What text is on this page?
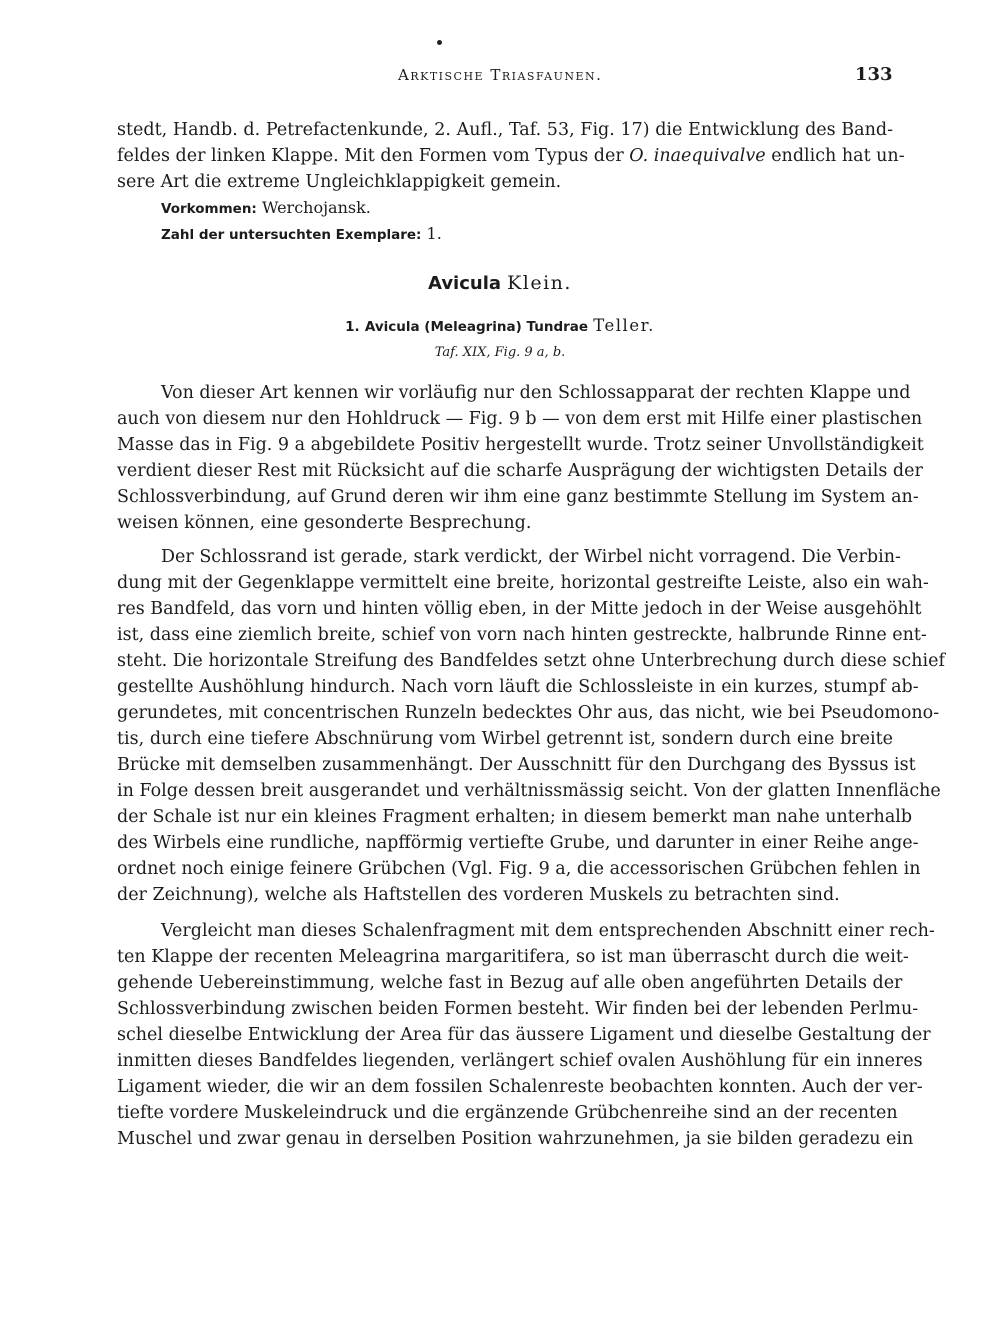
Arktische Triasfaunen.	133
stedt, Handb. d. Petrefactenkunde, 2. Aufl., Taf. 53, Fig. 17) die Entwicklung des Band-
feldes der linken Klappe. Mit den Formen vom Typus der O. inaequivalve endlich hat un-
sere Art die extreme Ungleichklappigkeit gemein.
Vorkommen: Werchojansk.
Zahl der untersuchten Exemplare: 1.
Avicula Klein.
1. Avicula (Meleagrina) Tundrae Teller.
Taf. XIX, Fig. 9 a, b.
Von dieser Art kennen wir vorläufig nur den Schlossapparat der rechten Klappe und
auch von diesem nur den Hohldruck — Fig. 9 b — von dem erst mit Hilfe einer plastischen
Masse das in Fig. 9 a abgebildete Positiv hergestellt wurde. Trotz seiner Unvollständigkeit
verdient dieser Rest mit Rücksicht auf die scharfe Ausprägung der wichtigsten Details der
Schlossverbindung, auf Grund deren wir ihm eine ganz bestimmte Stellung im System an-
weisen können, eine gesonderte Besprechung.
Der Schlossrand ist gerade, stark verdickt, der Wirbel nicht vorragend. Die Verbin-
dung mit der Gegenklappe vermittelt eine breite, horizontal gestreifte Leiste, also ein wah-
res Bandfeld, das vorn und hinten völlig eben, in der Mitte jedoch in der Weise ausgehöhlt
ist, dass eine ziemlich breite, schief von vorn nach hinten gestreckte, halbrunde Rinne ent-
steht. Die horizontale Streifung des Bandfeldes setzt ohne Unterbrechung durch diese schief
gestellte Aushöhlung hindurch. Nach vorn läuft die Schlossleiste in ein kurzes, stumpf ab-
gerundetes, mit concentrischen Runzeln bedecktes Ohr aus, das nicht, wie bei Pseudomono-
tis, durch eine tiefere Abschnürung vom Wirbel getrennt ist, sondern durch eine breite
Brücke mit demselben zusammenhängt. Der Ausschnitt für den Durchgang des Byssus ist
in Folge dessen breit ausgerandet und verhältnissmässig seicht. Von der glatten Innenfläche
der Schale ist nur ein kleines Fragment erhalten; in diesem bemerkt man nahe unterhalb
des Wirbels eine rundliche, napfförmig vertiefte Grube, und darunter in einer Reihe ange-
ordnet noch einige feinere Grübchen (Vgl. Fig. 9 a, die accessorischen Grübchen fehlen in
der Zeichnung), welche als Haftstellen des vorderen Muskels zu betrachten sind.
Vergleicht man dieses Schalenfragment mit dem entsprechenden Abschnitt einer rech-
ten Klappe der recenten Meleagrina margaritifera, so ist man überrascht durch die weit-
gehende Uebereinstimmung, welche fast in Bezug auf alle oben angeführten Details der
Schlossverbindung zwischen beiden Formen besteht. Wir finden bei der lebenden Perlmu-
schel dieselbe Entwicklung der Area für das äussere Ligament und dieselbe Gestaltung der
inmitten dieses Bandfeldes liegenden, verlängert schief ovalen Aushöhlung für ein inneres
Ligament wieder, die wir an dem fossilen Schalenreste beobachten konnten. Auch der ver-
tiefte vordere Muskeleindruck und die ergänzende Grübchenreihe sind an der recenten
Muschel und zwar genau in derselben Position wahrzunehmen, ja sie bilden geradezu ein
